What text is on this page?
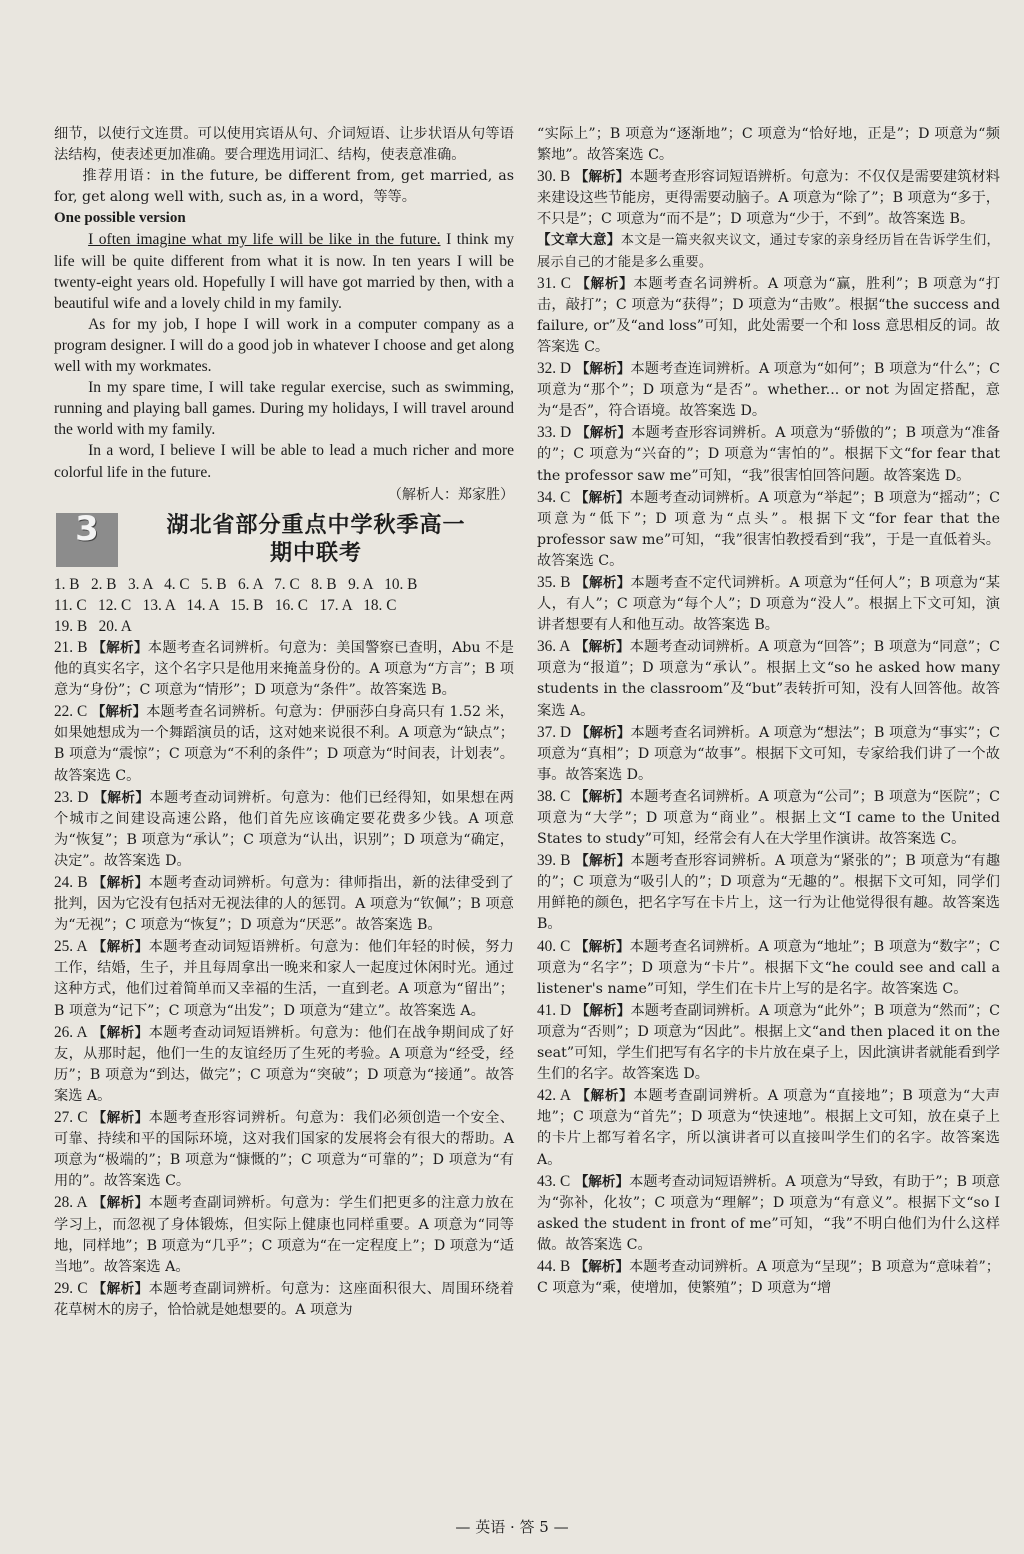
细节，以使行文连贯。可以使用宾语从句、介词短语、让步状语从句等语法结构，使表述更加准确。要合理选用词汇、结构，使表意准确。

推荐用语：in the future, be different from, get married, as for, get along well with, such as, in a word，等等。

One possible version

I often imagine what my life will be like in the future. I think my life will be quite different from what it is now. In ten years I will be twenty-eight years old. Hopefully I will have got married by then, with a beautiful wife and a lovely child in my family.

As for my job, I hope I will work in a computer company as a program designer. I will do a good job in whatever I choose and get along well with my workmates.

In my spare time, I will take regular exercise, such as swimming, running and playing ball games. During my holidays, I will travel around the world with my family.

In a word, I believe I will be able to lead a much richer and more colorful life in the future.

（解析人：郑家胜）

3	湖北省部分重点中学秋季高一
期中联考

1. B   2. B   3. A   4. C   5. B   6. A   7. C   8. B   9. A   10. B

11. C   12. C   13. A   14. A   15. B   16. C   17. A   18. C

19. B   20. A

21. B 【解析】本题考查名词辨析。句意为：美国警察已查明，Abu 不是他的真实名字，这个名字只是他用来掩盖身份的。A 项意为“方言”；B 项意为“身份”；C 项意为“情形”；D 项意为“条件”。故答案选 B。

22. C 【解析】本题考查名词辨析。句意为：伊丽莎白身高只有 1.52 米，如果她想成为一个舞蹈演员的话，这对她来说很不利。A 项意为“缺点”；B 项意为“震惊”；C 项意为“不利的条件”；D 项意为“时间表，计划表”。故答案选 C。

23. D 【解析】本题考查动词辨析。句意为：他们已经得知，如果想在两个城市之间建设高速公路，他们首先应该确定要花费多少钱。A 项意为“恢复”；B 项意为“承认”；C 项意为“认出，识别”；D 项意为“确定，决定”。故答案选 D。

24. B 【解析】本题考查动词辨析。句意为：律师指出，新的法律受到了批判，因为它没有包括对无视法律的人的惩罚。A 项意为“钦佩”；B 项意为“无视”；C 项意为“恢复”；D 项意为“厌恶”。故答案选 B。

25. A 【解析】本题考查动词短语辨析。句意为：他们年轻的时候，努力工作，结婚，生子，并且每周拿出一晚来和家人一起度过休闲时光。通过这种方式，他们过着简单而又幸福的生活，一直到老。A 项意为“留出”；B 项意为“记下”；C 项意为“出发”；D 项意为“建立”。故答案选 A。

26. A 【解析】本题考查动词短语辨析。句意为：他们在战争期间成了好友，从那时起，他们一生的友谊经历了生死的考验。A 项意为“经受，经历”；B 项意为“到达，做完”；C 项意为“突破”；D 项意为“接通”。故答案选 A。

27. C 【解析】本题考查形容词辨析。句意为：我们必须创造一个安全、可靠、持续和平的国际环境，这对我们国家的发展将会有很大的帮助。A 项意为“极端的”；B 项意为“慷慨的”；C 项意为“可靠的”；D 项意为“有用的”。故答案选 C。

28. A 【解析】本题考查副词辨析。句意为：学生们把更多的注意力放在学习上，而忽视了身体锻炼，但实际上健康也同样重要。A 项意为“同等地，同样地”；B 项意为“几乎”；C 项意为“在一定程度上”；D 项意为“适当地”。故答案选 A。

29. C 【解析】本题考查副词辨析。句意为：这座面积很大、周围环绕着花草树木的房子，恰恰就是她想要的。A 项意为

“实际上”；B 项意为“逐渐地”；C 项意为“恰好地，正是”；D 项意为“频繁地”。故答案选 C。

30. B 【解析】本题考查形容词短语辨析。句意为：不仅仅是需要建筑材料来建设这些节能房，更得需要动脑子。A 项意为“除了”；B 项意为“多于，不只是”；C 项意为“而不是”；D 项意为“少于，不到”。故答案选 B。

【文章大意】本文是一篇夹叙夹议文，通过专家的亲身经历旨在告诉学生们，展示自己的才能是多么重要。

31. C 【解析】本题考查名词辨析。A 项意为“赢，胜利”；B 项意为“打击，敲打”；C 项意为“获得”；D 项意为“击败”。根据“the success and failure, or”及“and loss”可知，此处需要一个和 loss 意思相反的词。故答案选 C。

32. D 【解析】本题考查连词辨析。A 项意为“如何”；B 项意为“什么”；C 项意为“那个”；D 项意为“是否”。whether... or not 为固定搭配，意为“是否”，符合语境。故答案选 D。

33. D 【解析】本题考查形容词辨析。A 项意为“骄傲的”；B 项意为“准备的”；C 项意为“兴奋的”；D 项意为“害怕的”。根据下文“for fear that the professor saw me”可知，“我”很害怕回答问题。故答案选 D。

34. C 【解析】本题考查动词辨析。A 项意为“举起”；B 项意为“摇动”；C 项意为“低下”；D 项意为“点头”。根据下文“for fear that the professor saw me”可知，“我”很害怕教授看到“我”，于是一直低着头。故答案选 C。

35. B 【解析】本题考查不定代词辨析。A 项意为“任何人”；B 项意为“某人，有人”；C 项意为“每个人”；D 项意为“没人”。根据上下文可知，演讲者想要有人和他互动。故答案选 B。

36. A 【解析】本题考查动词辨析。A 项意为“回答”；B 项意为“同意”；C 项意为“报道”；D 项意为“承认”。根据上文“so he asked how many students in the classroom”及“but”表转折可知，没有人回答他。故答案选 A。

37. D 【解析】本题考查名词辨析。A 项意为“想法”；B 项意为“事实”；C 项意为“真相”；D 项意为“故事”。根据下文可知，专家给我们讲了一个故事。故答案选 D。

38. C 【解析】本题考查名词辨析。A 项意为“公司”；B 项意为“医院”；C 项意为“大学”；D 项意为“商业”。根据上文“I came to the United States to study”可知，经常会有人在大学里作演讲。故答案选 C。

39. B 【解析】本题考查形容词辨析。A 项意为“紧张的”；B 项意为“有趣的”；C 项意为“吸引人的”；D 项意为“无趣的”。根据下文可知，同学们用鲜艳的颜色，把名字写在卡片上，这一行为让他觉得很有趣。故答案选 B。

40. C 【解析】本题考查名词辨析。A 项意为“地址”；B 项意为“数字”；C 项意为“名字”；D 项意为“卡片”。根据下文“he could see and call a listener's name”可知，学生们在卡片上写的是名字。故答案选 C。

41. D 【解析】本题考查副词辨析。A 项意为“此外”；B 项意为“然而”；C 项意为“否则”；D 项意为“因此”。根据上文“and then placed it on the seat”可知，学生们把写有名字的卡片放在桌子上，因此演讲者就能看到学生们的名字。故答案选 D。

42. A 【解析】本题考查副词辨析。A 项意为“直接地”；B 项意为“大声地”；C 项意为“首先”；D 项意为“快速地”。根据上文可知，放在桌子上的卡片上都写着名字，所以演讲者可以直接叫学生们的名字。故答案选 A。

43. C 【解析】本题考查动词短语辨析。A 项意为“导致，有助于”；B 项意为“弥补，化妆”；C 项意为“理解”；D 项意为“有意义”。根据下文“so I asked the student in front of me”可知，“我”不明白他们为什么这样做。故答案选 C。

44. B 【解析】本题考查动词辨析。A 项意为“呈现”；B 项意为“意味着”；C 项意为“乘，使增加，使繁殖”；D 项意为“增

— 英语 · 答 5 —
